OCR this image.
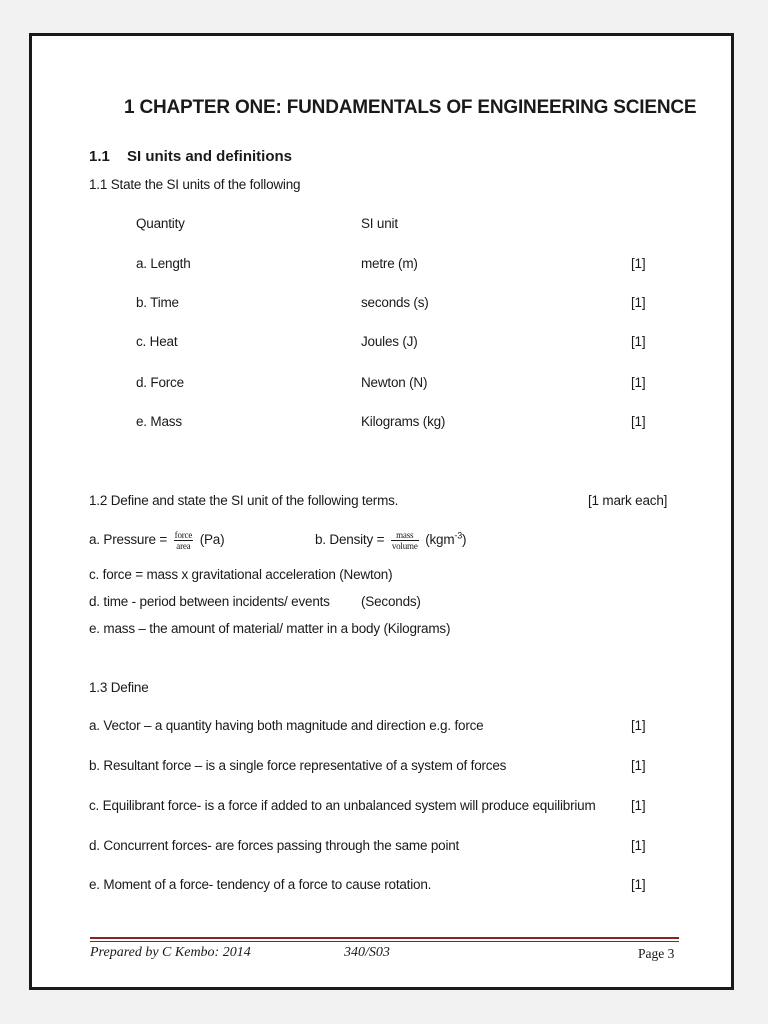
1 CHAPTER ONE: FUNDAMENTALS OF ENGINEERING SCIENCE
1.1 SI units and definitions
1.1 State the SI units of the following
Quantity	SI unit
a. Length	metre (m)	[1]
b. Time	seconds (s)	[1]
c. Heat	Joules (J)	[1]
d. Force	Newton (N)	[1]
e. Mass	Kilograms (kg)	[1]
1.2 Define and state the SI unit of the following terms.	[1 mark each]
a. Pressure = $\frac{\text{force}}{\text{area}} (Pa)$	b. Density = $\frac{\text{mass}}{\text{volume}} (kgm^{-3})$
c. force = mass x gravitational acceleration (Newton)
d. time - period between incidents/ events (Seconds)
e. mass – the amount of material/ matter in a body (Kilograms)
1.3 Define
a. Vector – a quantity having both magnitude and direction e.g. force	[1]
b. Resultant force – is a single force representative of a system of forces	[1]
c. Equilibrant force- is a force if added to an unbalanced system will produce equilibrium	[1]
d. Concurrent forces- are forces passing through the same point	[1]
e. Moment of a force- tendency of a force to cause rotation.	[1]
Prepared by C Kembo: 2014	340/S03	Page 3
